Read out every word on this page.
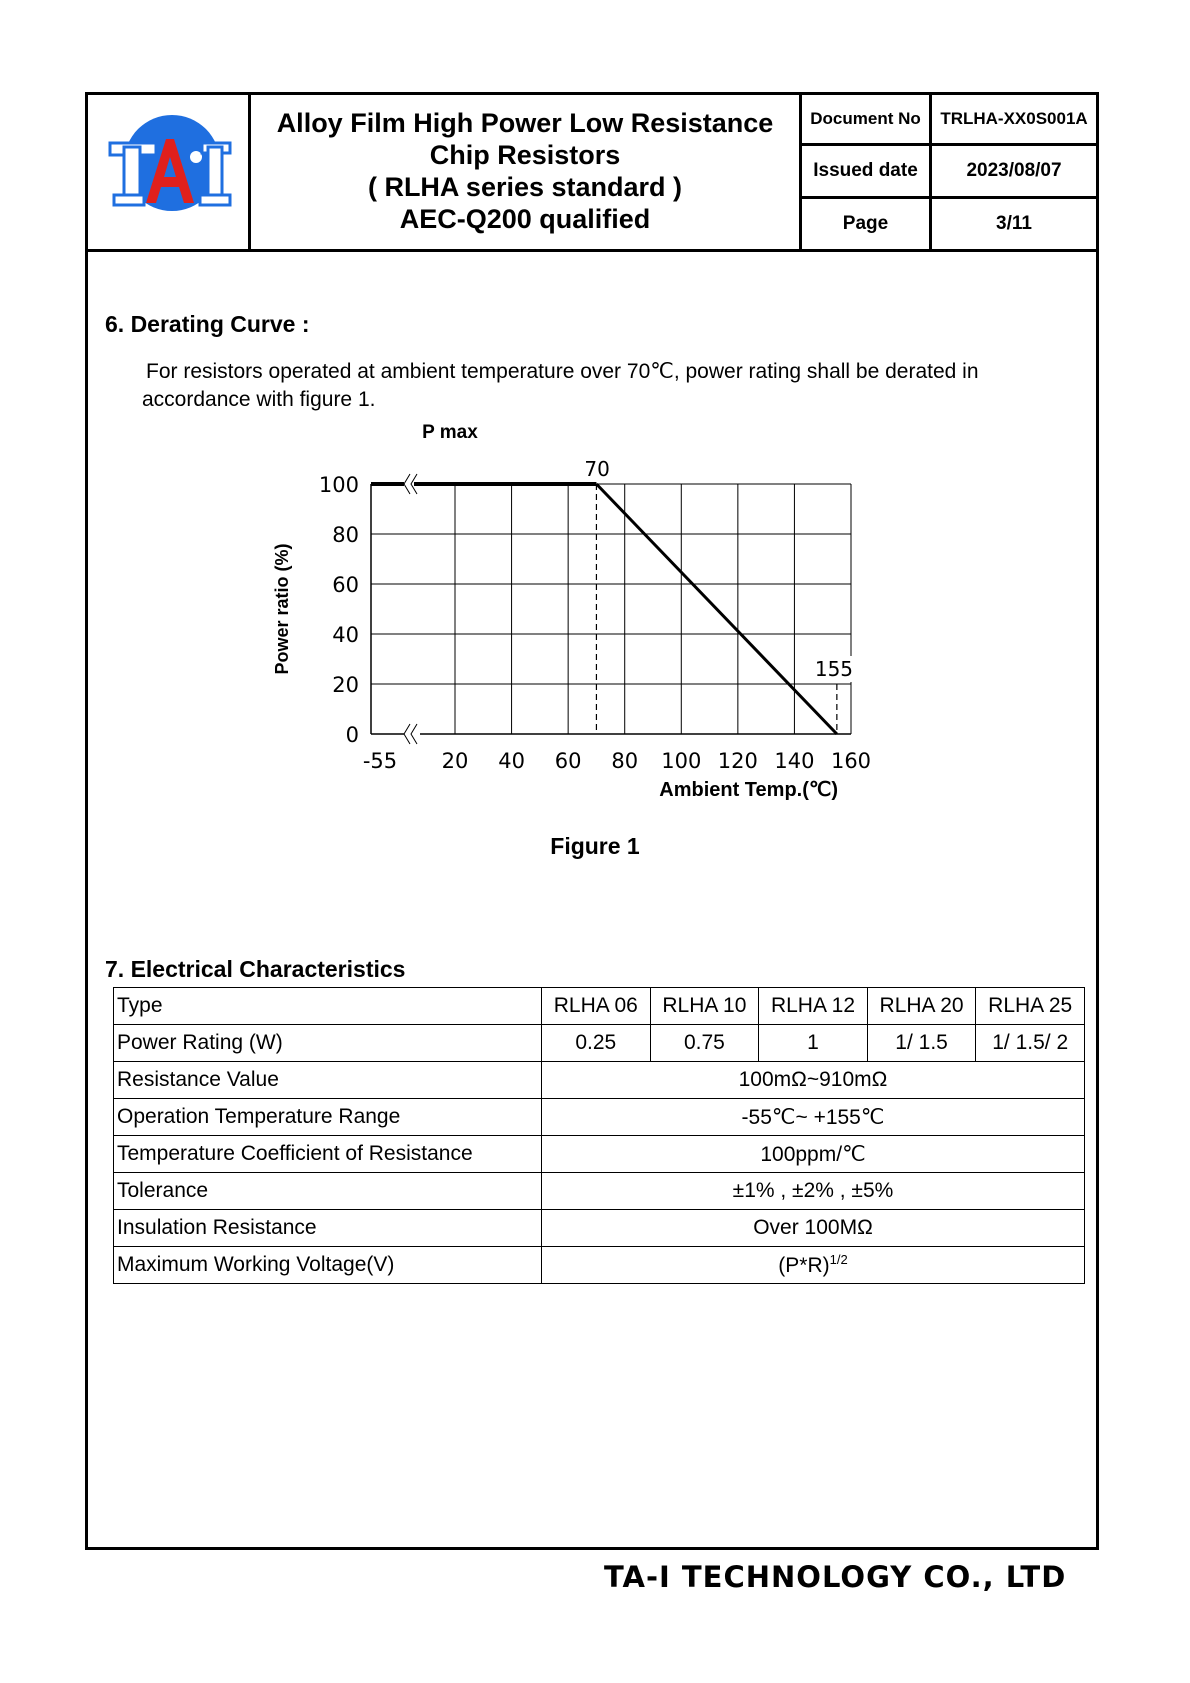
Alloy Film High Power Low Resistance
Chip Resistors
( RLHA series standard )
AEC-Q200 qualified
Document No	TRLHA-XX0S001A
Issued date	2023/08/07
Page	3/11
6. Derating Curve :
For resistors operated at ambient temperature over 70℃, power rating shall be derated in
accordance with figure 1.
70
155
0
20
40
60
80
100
-55 20 40 60 80 100 120 140 160
P max
Ambient Temp.(℃)
Power ratio (%)
Figure 1
7. Electrical Characteristics
Type	RLHA 06	RLHA 10	RLHA 12	RLHA 20	RLHA 25
Power Rating (W)	0.25	0.75	1	1/ 1.5	1/ 1.5/ 2
Resistance Value	100mΩ~910mΩ				
Operation Temperature Range	-55℃~ +155℃				
Temperature Coefficient of Resistance	100ppm/℃				
Tolerance	±1% , ±2% , ±5%				
Insulation Resistance	Over 100MΩ				
Maximum Working Voltage(V)	$(P*R)^{1/2}$
TA-I TECHNOLOGY CO., LTD
